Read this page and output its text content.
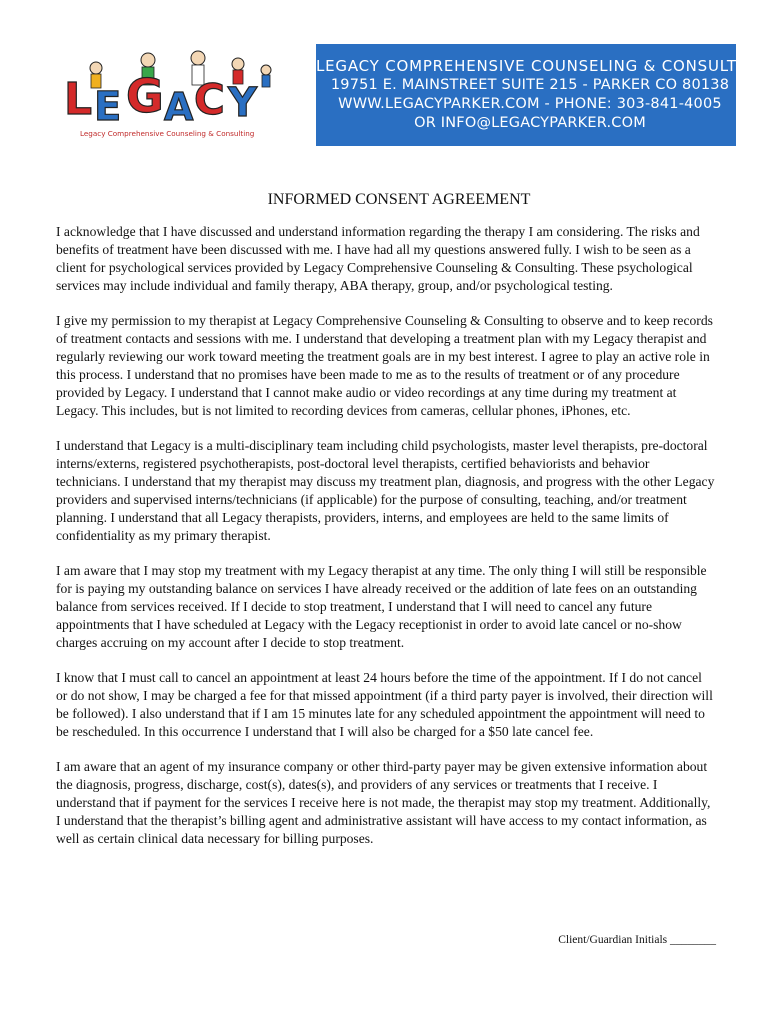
L E G A C Y
Legacy Comprehensive Counseling & Consulting
LEGACY COMPREHENSIVE COUNSELING & CONSULTING
19751 E. MAINSTREET SUITE 215 - PARKER CO 80138
WWW.LEGACYPARKER.COM - PHONE: 303-841-4005
OR INFO@LEGACYPARKER.COM
INFORMED CONSENT AGREEMENT

I acknowledge that I have discussed and understand information regarding the therapy I am considering. The risks and benefits of treatment have been discussed with me. I have had all my questions answered fully. I wish to be seen as a client for psychological services provided by Legacy Comprehensive Counseling & Consulting. These psychological services may include individual and family therapy, ABA therapy, group, and/or psychological testing.

I give my permission to my therapist at Legacy Comprehensive Counseling & Consulting to observe and to keep records of treatment contacts and sessions with me. I understand that developing a treatment plan with my Legacy therapist and regularly reviewing our work toward meeting the treatment goals are in my best interest. I agree to play an active role in this process. I understand that no promises have been made to me as to the results of treatment or of any procedure provided by Legacy. I understand that I cannot make audio or video recordings at any time during my treatment at Legacy. This includes, but is not limited to recording devices from cameras, cellular phones, iPhones, etc.

I understand that Legacy is a multi-disciplinary team including child psychologists, master level therapists, pre-doctoral interns/externs, registered psychotherapists, post-doctoral level therapists, certified behaviorists and behavior technicians. I understand that my therapist may discuss my treatment plan, diagnosis, and progress with the other Legacy providers and supervised interns/technicians (if applicable) for the purpose of consulting, teaching, and/or treatment planning. I understand that all Legacy therapists, providers, interns, and employees are held to the same limits of confidentiality as my primary therapist.

I am aware that I may stop my treatment with my Legacy therapist at any time. The only thing I will still be responsible for is paying my outstanding balance on services I have already received or the addition of late fees on an outstanding balance from services received. If I decide to stop treatment, I understand that I will need to cancel any future appointments that I have scheduled at Legacy with the Legacy receptionist in order to avoid late cancel or no-show charges accruing on my account after I decide to stop treatment.

I know that I must call to cancel an appointment at least 24 hours before the time of the appointment. If I do not cancel or do not show, I may be charged a fee for that missed appointment (if a third party payer is involved, their direction will be followed). I also understand that if I am 15 minutes late for any scheduled appointment the appointment will need to be rescheduled. In this occurrence I understand that I will also be charged for a $50 late cancel fee.

I am aware that an agent of my insurance company or other third-party payer may be given extensive information about the diagnosis, progress, discharge, cost(s), dates(s), and providers of any services or treatments that I receive. I understand that if payment for the services I receive here is not made, the therapist may stop my treatment. Additionally, I understand that the therapist’s billing agent and administrative assistant will have access to my contact information, as well as certain clinical data necessary for billing purposes.

Client/Guardian Initials ________
